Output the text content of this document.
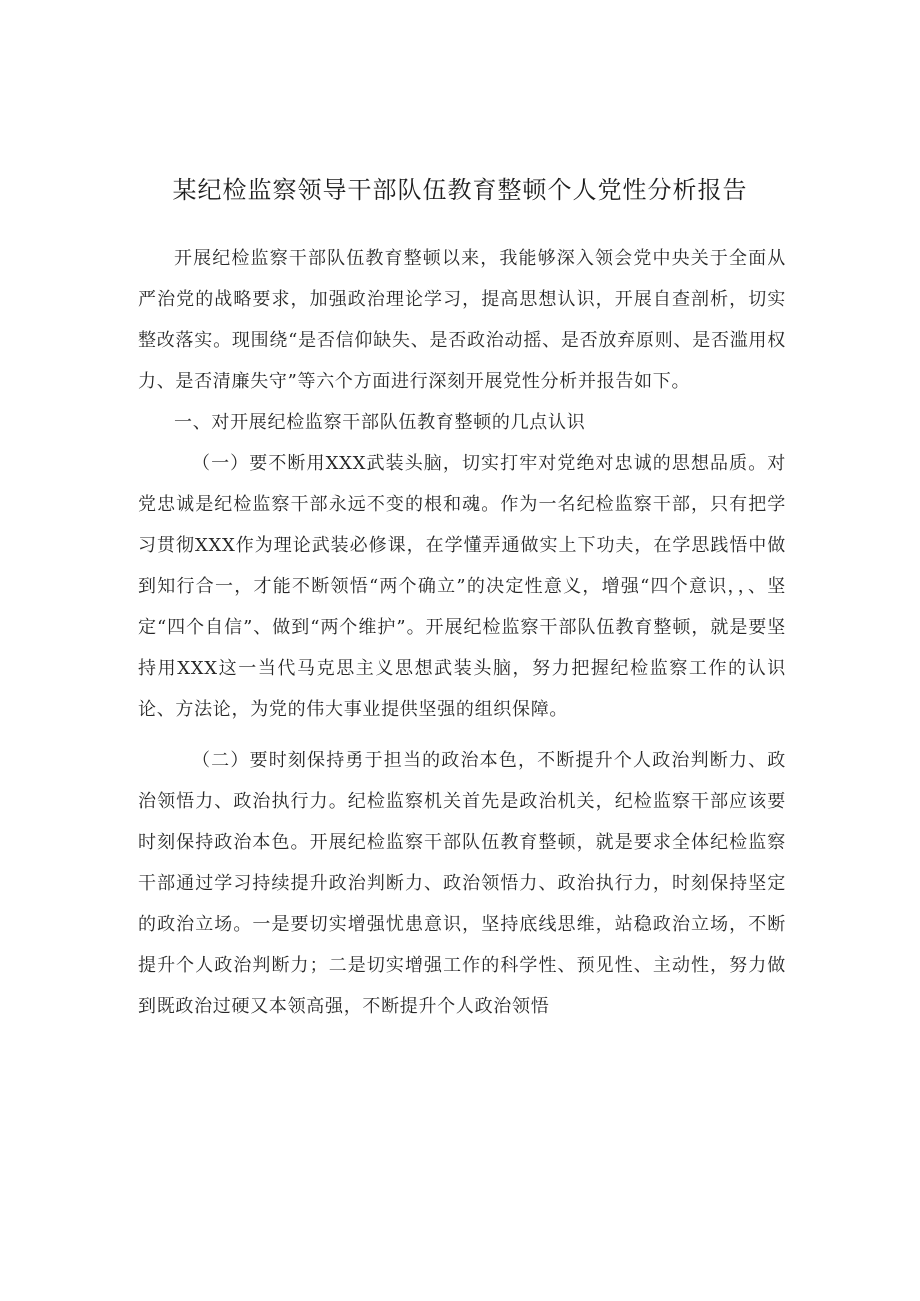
某纪检监察领导干部队伍教育整顿个人党性分析报告

开展纪检监察干部队伍教育整顿以来，我能够深入领会党中央关于全面从严治党的战略要求，加强政治理论学习，提高思想认识，开展自查剖析，切实整改落实。现围绕“是否信仰缺失、是否政治动摇、是否放弃原则、是否滥用权力、是否清廉失守”等六个方面进行深刻开展党性分析并报告如下。

一、对开展纪检监察干部队伍教育整顿的几点认识

（一）要不断用XXX武装头脑，切实打牢对党绝对忠诚的思想品质。对党忠诚是纪检监察干部永远不变的根和魂。作为一名纪检监察干部，只有把学习贯彻XXX作为理论武装必修课，在学懂弄通做实上下功夫，在学思践悟中做到知行合一，才能不断领悟“两个确立”的决定性意义，增强“四个意识，，、坚定“四个自信”、做到“两个维护”。开展纪检监察干部队伍教育整顿，就是要坚持用XXX这一当代马克思主义思想武装头脑，努力把握纪检监察工作的认识论、方法论，为党的伟大事业提供坚强的组织保障。

（二）要时刻保持勇于担当的政治本色，不断提升个人政治判断力、政治领悟力、政治执行力。纪检监察机关首先是政治机关，纪检监察干部应该要时刻保持政治本色。开展纪检监察干部队伍教育整顿，就是要求全体纪检监察干部通过学习持续提升政治判断力、政治领悟力、政治执行力，时刻保持坚定的政治立场。一是要切实增强忧患意识，坚持底线思维，站稳政治立场，不断提升个人政治判断力；二是切实增强工作的科学性、预见性、主动性，努力做到既政治过硬又本领高强，不断提升个人政治领悟
